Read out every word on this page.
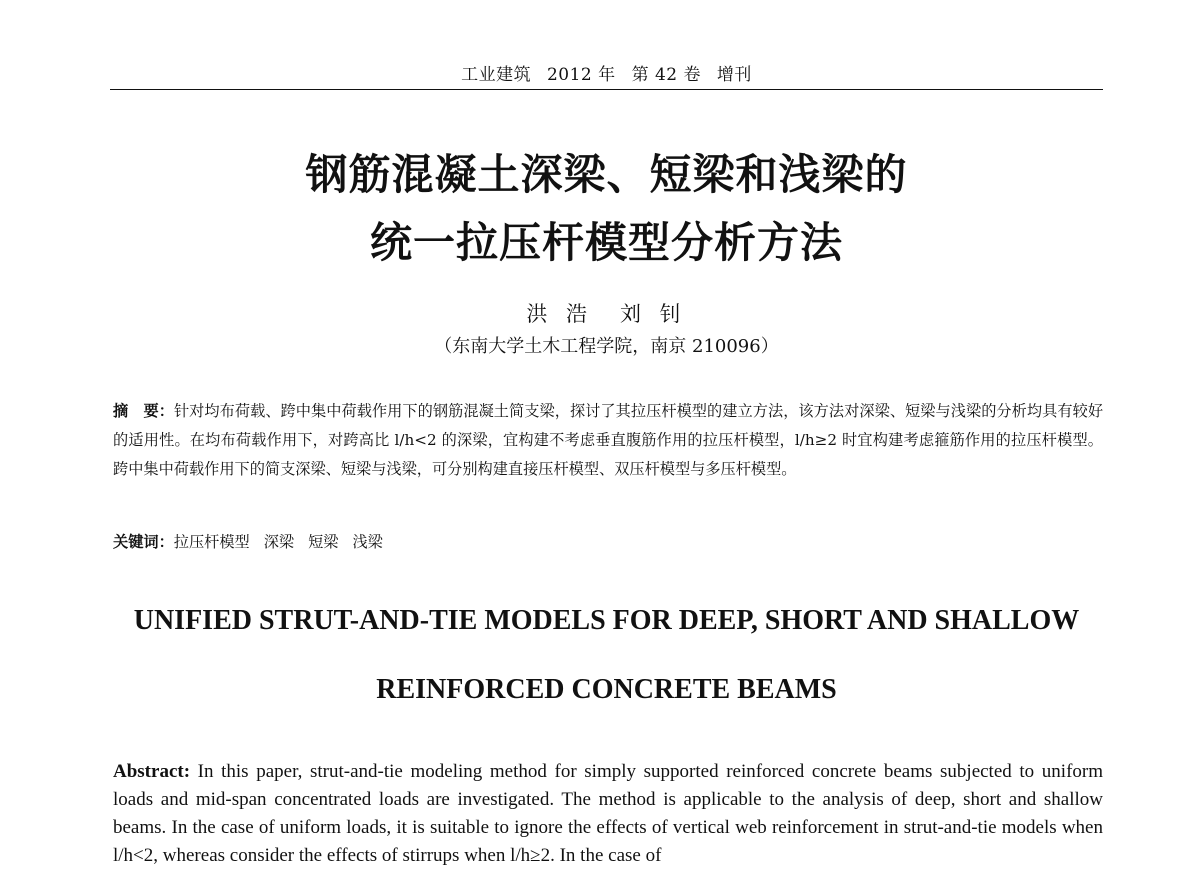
工业建筑 2012 年 第 42 卷 增刊
钢筋混凝土深梁、短梁和浅梁的
统一拉压杆模型分析方法
洪 浩　刘 钊
（东南大学土木工程学院，南京 210096）
摘　要：针对均布荷载、跨中集中荷载作用下的钢筋混凝土简支梁，探讨了其拉压杆模型的建立方法，该方法对深梁、短梁与浅梁的分析均具有较好的适用性。在均布荷载作用下，对跨高比 l/h<2 的深梁，宜构建不考虑垂直腹筋作用的拉压杆模型，l/h≥2 时宜构建考虑箍筋作用的拉压杆模型。跨中集中荷载作用下的简支深梁、短梁与浅梁，可分别构建直接压杆模型、双压杆模型与多压杆模型。
关键词：拉压杆模型 深梁 短梁 浅梁
UNIFIED STRUT-AND-TIE MODELS FOR DEEP, SHORT AND SHALLOW
REINFORCED CONCRETE BEAMS
Abstract: In this paper, strut-and-tie modeling method for simply supported reinforced concrete beams subjected to uniform loads and mid-span concentrated loads are investigated. The method is applicable to the analysis of deep, short and shallow beams. In the case of uniform loads, it is suitable to ignore the effects of vertical web reinforcement in strut-and-tie models when l/h<2, whereas consider the effects of stirrups when l/h≥2. In the case of
